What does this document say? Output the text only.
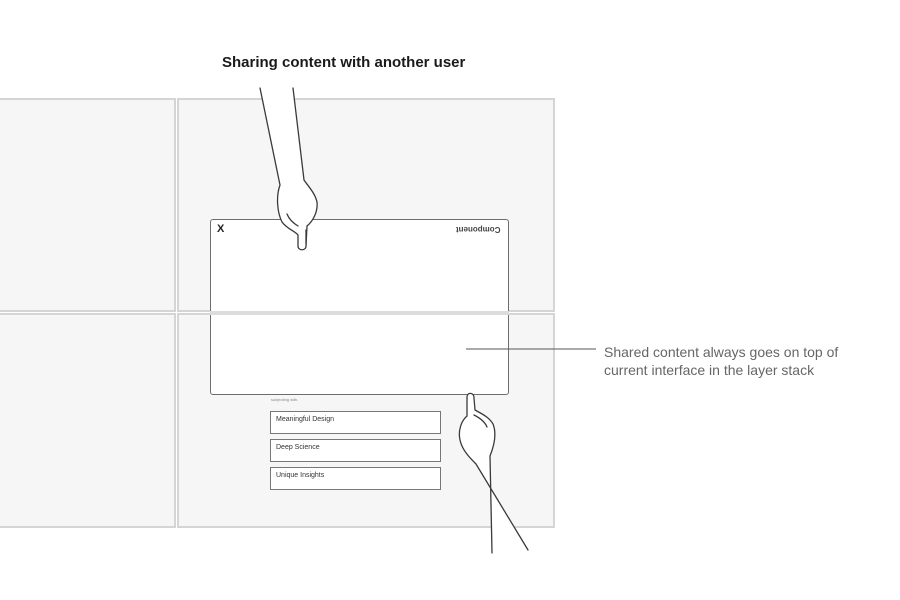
Sharing content with another user
subjecting with.
Meaningful Design
Deep Science
Unique Insights
X	Component
Shared content always goes on top of current interface in the layer stack
